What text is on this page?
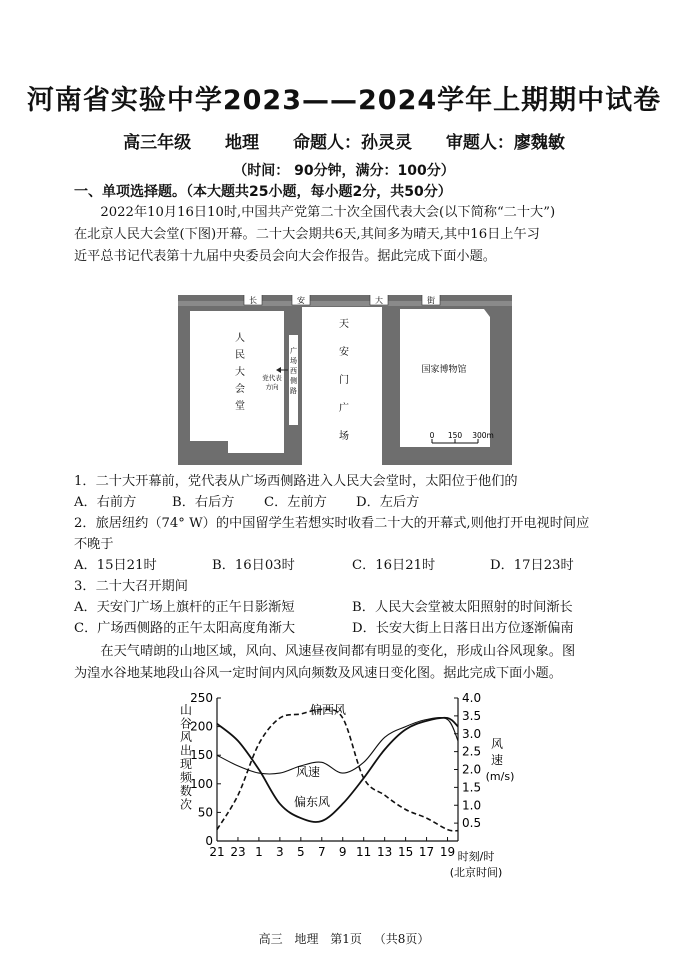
河南省实验中学2023——2024学年上期期中试卷
高三年级 地理 命题人：孙灵灵 审题人：廖魏敏
（时间： 90分钟，满分：100分）
一、单项选择题。（本大题共25小题，每小题2分，共50分）
2022年10月16日10时,中国共产党第二十次全国代表大会(以下简称“二十大”)
在北京人民大会堂(下图)开幕。二十大会期共6天,其间多为晴天,其中16日上午习
近平总书记代表第十九届中央委员会向大会作报告。据此完成下面小题。
长	安	大	街
人民大会堂
广场西侧路
党代表
方向
天安门广场
国家博物馆
0 150 300m
1．二十大开幕前，党代表从广场西侧路进入人民大会堂时，太阳位于他们的
A．右前方	B．右后方 C．左前方 D．左后方
2．旅居纽约（74° W）的中国留学生若想实时收看二十大的开幕式,则他打开电视时间应
不晚于
A．15日21时	B．16日03时	C．16日21时	D．17日23时
3．二十大召开期间
A．天安门广场上旗杆的正午日影渐短	B．人民大会堂被太阳照射的时间渐长
C．广场西侧路的正午太阳高度角渐大	D．长安大街上日落日出方位逐渐偏南
在天气晴朗的山地区域，风向、风速昼夜间都有明显的变化，形成山谷风现象。图
为湟水谷地某地段山谷风一定时间内风向频数及风速日变化图。据此完成下面小题。
250
200
150
100
50
0
4.0
3.5
3.0
2.5
2.0
1.5
1.0
0.5
21 23 1 3 5 7 9 11 13 15 17 19
山谷风出现频数次
风
速
(m/s)
时刻/时
(北京时间)
偏西风
风速
偏东风
高三 地理 第1页 （共8页）
